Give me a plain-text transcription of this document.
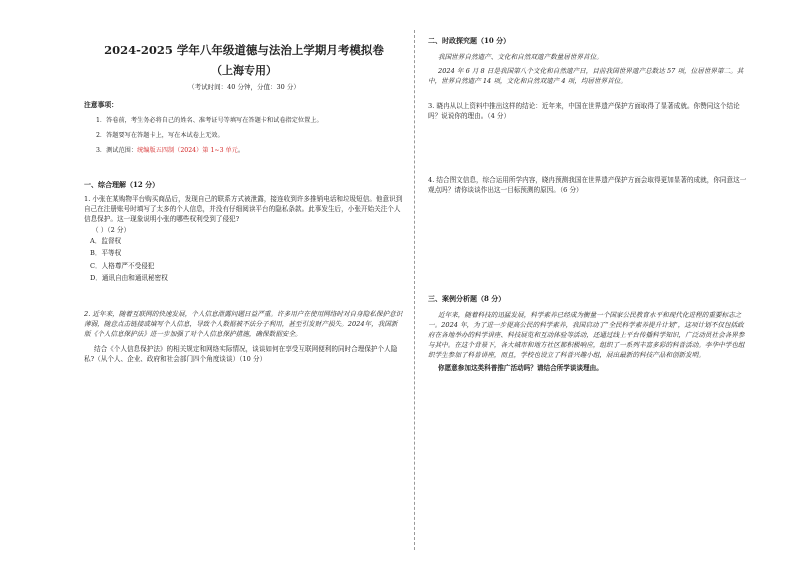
2024-2025 学年八年级道德与法治上学期月考模拟卷
（上海专用）
（考试时间：40 分钟，分值：30 分）
注意事项：

1．答卷前，考生务必将自己的姓名、准考证号等填写在答题卡和试卷指定位置上。

2．答题要写在答题卡上，写在本试卷上无效。

3．测试范围：统编版五四制（2024）第 1~3 单元。

一、综合理解（12 分）

1. 小张在某购物平台购买商品后，发现自己的联系方式被泄露，接连收到许多推销电话和垃圾短信。他意识到自己在注册账号时填写了太多的个人信息，并没有仔细阅读平台的隐私条款。此事发生后，小张开始关注个人信息保护。这一现象说明小张的哪些权利受到了侵犯?

（ ）（2 分）

A．监督权

B．平等权

C．人格尊严不受侵犯

D．通讯自由和通讯秘密权

2. 近年来，随着互联网的快速发展，个人信息泄露问题日益严重。许多用户在使用网络时对自身隐私保护意识薄弱，随意点击链接或填写个人信息，导致个人数据被不法分子利用，甚至引发财产损失。2024年，我国新版《个人信息保护法》进一步加强了对个人信息保护措施，确保数据安全。

结合《个人信息保护法》的相关规定和网络实际情况，谈谈如何在享受互联网便利的同时合理保护个人隐私?（从个人、企业、政府和社会部门四个角度谈谈）（10 分）

二、时政探究题（10 分）

我国世界自然遗产、文化和自然双遗产数量居世界首位。

2024 年 6 月 8 日是我国第八个文化和自然遗产日，目前我国世界遗产总数达 57 项，位居世界第二。其中，世界自然遗产 14 项，文化和自然双遗产 4 项，均居世界首位。

3. 晓冉从以上资料中推出这样的结论：近年来，中国在世界遗产保护方面取得了显著成就。你赞同这个结论吗？说说你的理由。（4 分）

4. 结合图文信息，综合运用所学内容，晓冉预测我国在世界遗产保护方面会取得更加显著的成就，你同意这一观点吗？请你谈谈作出这一目标预测的原因。（6 分）

三、案例分析题（8 分）

近年来，随着科技的迅猛发展，科学素养已经成为衡量一个国家公民教育水平和现代化进程的重要标志之一。2024 年，为了进一步提高公民的科学素养，我国启动了“全民科学素养提升计划”，这项计划不仅包括政府在各地举办的科学讲座、科技展览和互动体验等活动，还通过线上平台传播科学知识，广泛动员社会各界参与其中。在这个背景下，各大城市和地方社区都积极响应，组织了一系列丰富多彩的科普活动。李华中学也组织学生参加了科普讲座，而且，学校也设立了科普兴趣小组，展出最新的科技产品和创新发明。

你愿意参加这类科普推广活动吗？请结合所学谈谈理由。
